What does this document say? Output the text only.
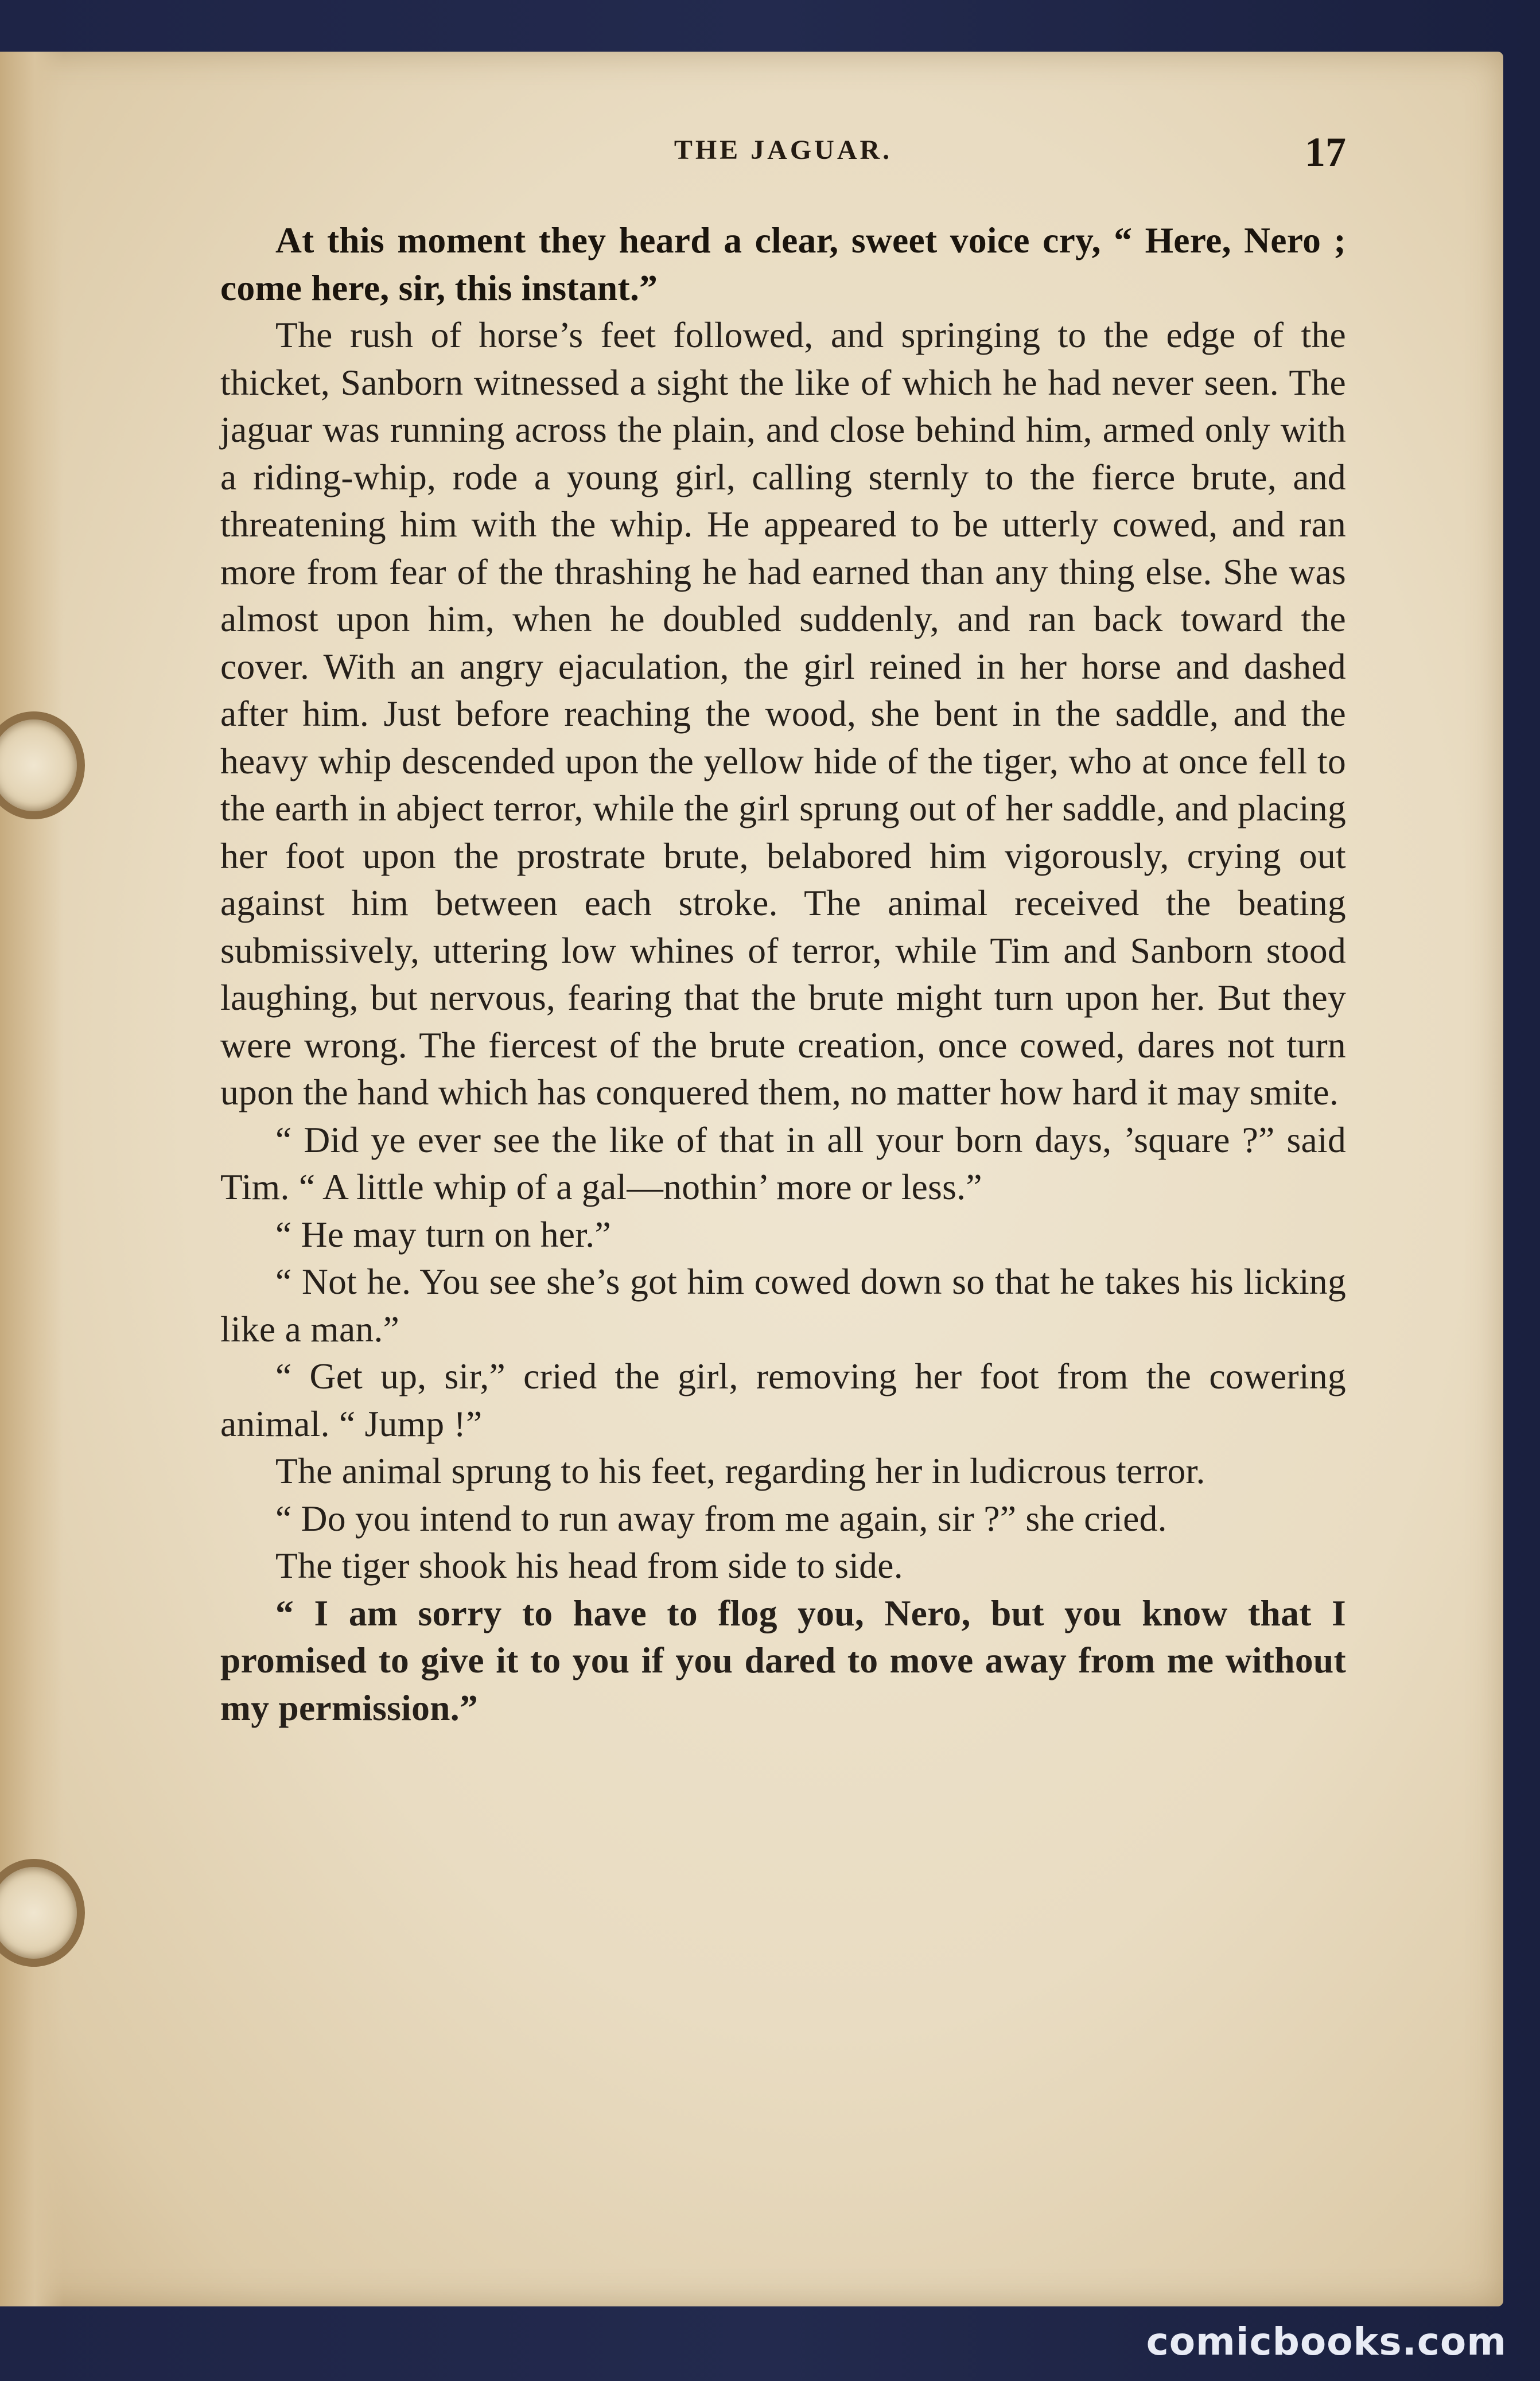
THE JAGUAR.	17

At this moment they heard a clear, sweet voice cry, “ Here, Nero ; come here, sir, this instant.”

The rush of horse’s feet followed, and springing to the edge of the thicket, Sanborn witnessed a sight the like of which he had never seen. The jaguar was running across the plain, and close behind him, armed only with a riding-whip, rode a young girl, calling sternly to the fierce brute, and threatening him with the whip. He appeared to be utterly cowed, and ran more from fear of the thrashing he had earned than any thing else. She was almost upon him, when he doubled suddenly, and ran back toward the cover. With an angry ejaculation, the girl reined in her horse and dashed after him. Just before reaching the wood, she bent in the saddle, and the heavy whip descended upon the yellow hide of the tiger, who at once fell to the earth in abject terror, while the girl sprung out of her saddle, and placing her foot upon the prostrate brute, belabored him vigorously, crying out against him between each stroke. The animal received the beating submissively, uttering low whines of terror, while Tim and Sanborn stood laughing, but nervous, fearing that the brute might turn upon her. But they were wrong. The fiercest of the brute creation, once cowed, dares not turn upon the hand which has conquered them, no matter how hard it may smite.

“ Did ye ever see the like of that in all your born days, ’square ?” said Tim. “ A little whip of a gal—nothin’ more or less.”

“ He may turn on her.”

“ Not he. You see she’s got him cowed down so that he takes his licking like a man.”

“ Get up, sir,” cried the girl, removing her foot from the cowering animal. “ Jump !”

The animal sprung to his feet, regarding her in ludicrous terror.

“ Do you intend to run away from me again, sir ?” she cried.

The tiger shook his head from side to side.

“ I am sorry to have to flog you, Nero, but you know that I promised to give it to you if you dared to move away from me without my permission.”

comicbooks.com
